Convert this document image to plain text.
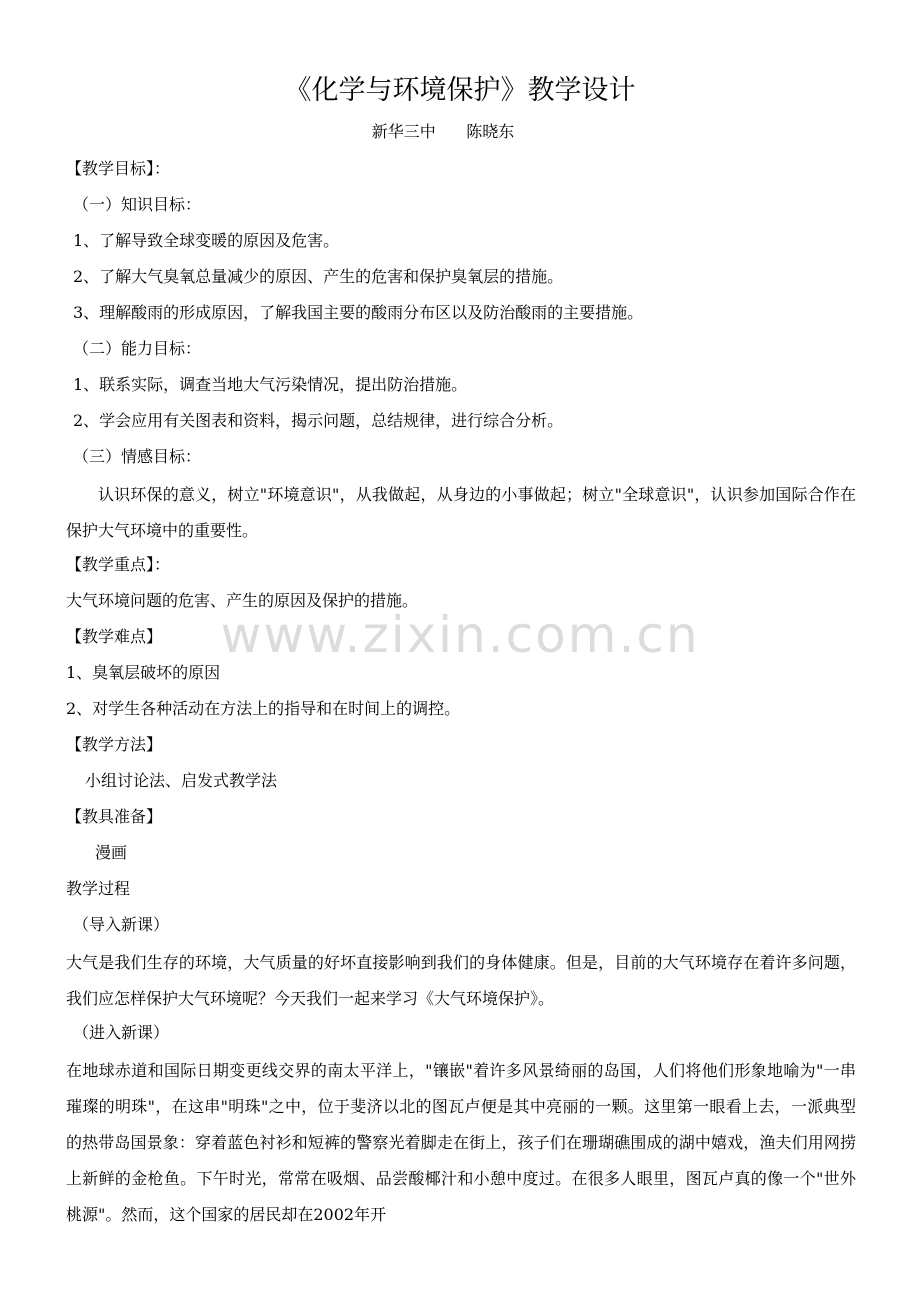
《化学与环境保护》教学设计
新华三中      陈晓东
【教学目标】：
（一）知识目标：
1、了解导致全球变暖的原因及危害。
2、了解大气臭氧总量减少的原因、产生的危害和保护臭氧层的措施。
3、理解酸雨的形成原因，了解我国主要的酸雨分布区以及防治酸雨的主要措施。
（二）能力目标：
1、联系实际，调查当地大气污染情况，提出防治措施。
2、学会应用有关图表和资料，揭示问题，总结规律，进行综合分析。
（三）情感目标：
认识环保的意义，树立"环境意识"，从我做起，从身边的小事做起；树立"全球意识"，认识参加国际合作在保护大气环境中的重要性。
【教学重点】：
大气环境问题的危害、产生的原因及保护的措施。
【教学难点】
1、臭氧层破坏的原因
2、对学生各种活动在方法上的指导和在时间上的调控。
【教学方法】
小组讨论法、启发式教学法
【教具准备】
漫画
教学过程
（导入新课）
大气是我们生存的环境，大气质量的好坏直接影响到我们的身体健康。但是，目前的大气环境存在着许多问题，我们应怎样保护大气环境呢？今天我们一起来学习《大气环境保护》。
（进入新课）
在地球赤道和国际日期变更线交界的南太平洋上，"镶嵌"着许多风景绮丽的岛国，人们将他们形象地喻为"一串璀璨的明珠"，在这串"明珠"之中，位于斐济以北的图瓦卢便是其中亮丽的一颗。这里第一眼看上去，一派典型的热带岛国景象：穿着蓝色衬衫和短裤的警察光着脚走在街上，孩子们在珊瑚礁围成的湖中嬉戏，渔夫们用网捞上新鲜的金枪鱼。下午时光，常常在吸烟、品尝酸椰汁和小憩中度过。在很多人眼里，图瓦卢真的像一个"世外桃源"。然而，这个国家的居民却在2002年开
www.zixin.com.cn
